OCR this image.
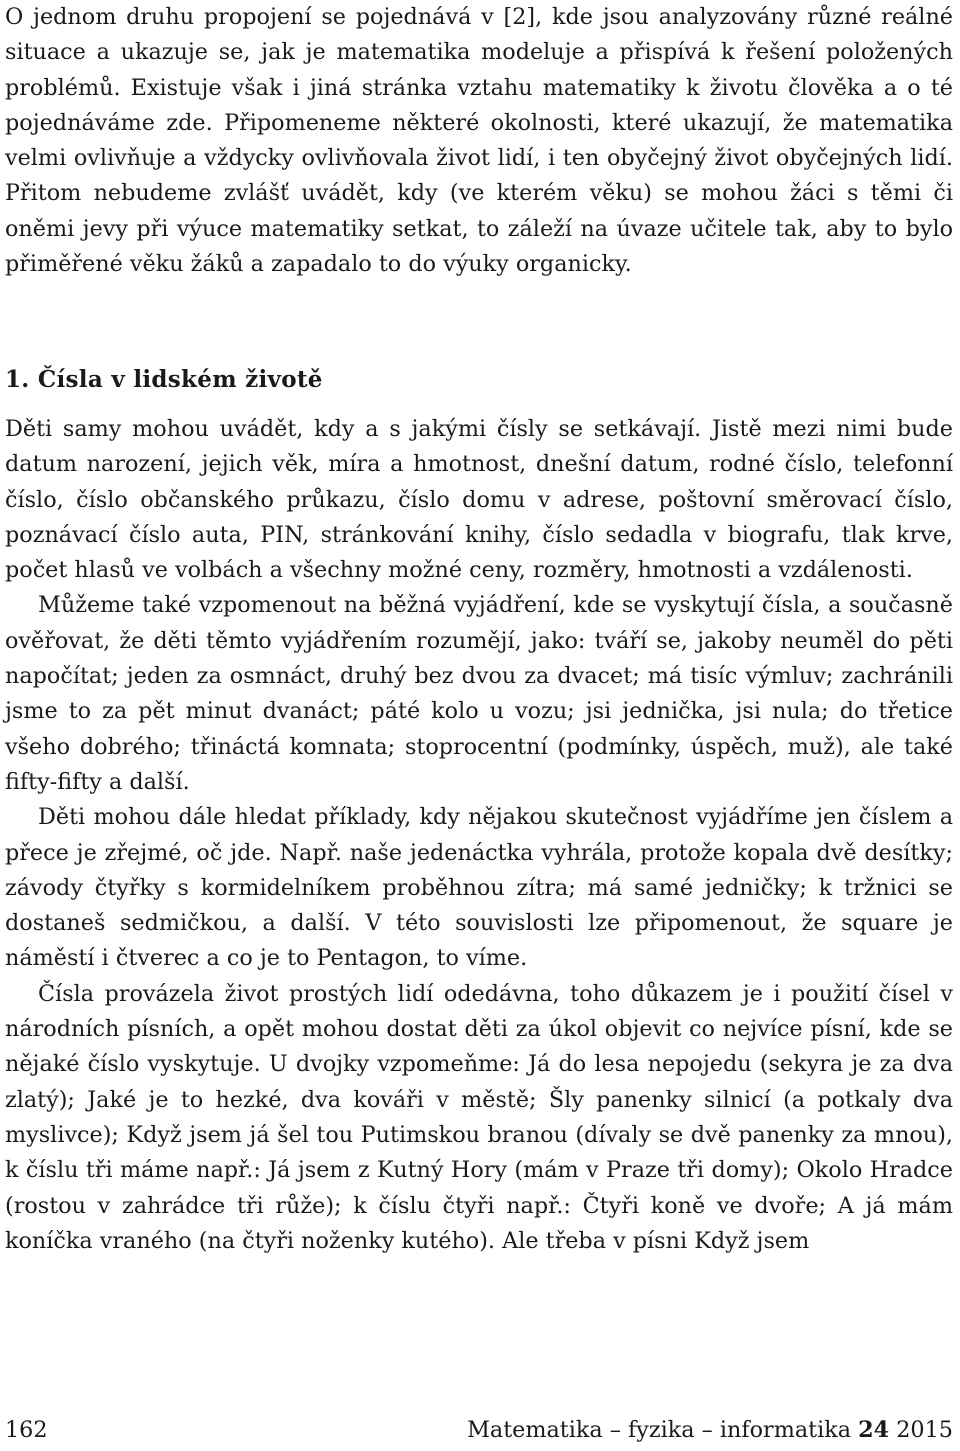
O jednom druhu propojení se pojednává v [2], kde jsou analyzovány různé reálné situace a ukazuje se, jak je matematika modeluje a přispívá k řešení položených problémů. Existuje však i jiná stránka vztahu matematiky k životu člověka a o té pojednáváme zde. Připomeneme některé okolnosti, které ukazují, že matematika velmi ovlivňuje a vždycky ovlivňovala život lidí, i ten obyčejný život obyčejných lidí. Přitom nebudeme zvlášť uvádět, kdy (ve kterém věku) se mohou žáci s těmi či oněmi jevy při výuce matematiky setkat, to záleží na úvaze učitele tak, aby to bylo přiměřené věku žáků a zapadalo to do výuky organicky.

1. Čísla v lidském životě

Děti samy mohou uvádět, kdy a s jakými čísly se setkávají. Jistě mezi nimi bude datum narození, jejich věk, míra a hmotnost, dnešní datum, rodné číslo, telefonní číslo, číslo občanského průkazu, číslo domu v adrese, poštovní směrovací číslo, poznávací číslo auta, PIN, stránkování knihy, číslo sedadla v biografu, tlak krve, počet hlasů ve volbách a všechny možné ceny, rozměry, hmotnosti a vzdálenosti.

Můžeme také vzpomenout na běžná vyjádření, kde se vyskytují čísla, a současně ověřovat, že děti těmto vyjádřením rozumějí, jako: tváří se, jakoby neuměl do pěti napočítat; jeden za osmnáct, druhý bez dvou za dvacet; má tisíc výmluv; zachránili jsme to za pět minut dvanáct; páté kolo u vozu; jsi jednička, jsi nula; do třetice všeho dobrého; třináctá komnata; stoprocentní (podmínky, úspěch, muž), ale také fifty-fifty a další.

Děti mohou dále hledat příklady, kdy nějakou skutečnost vyjádříme jen číslem a přece je zřejmé, oč jde. Např. naše jedenáctka vyhrála, protože kopala dvě desítky; závody čtyřky s kormidelníkem proběhnou zítra; má samé jedničky; k tržnici se dostaneš sedmičkou, a další. V této souvislosti lze připomenout, že square je náměstí i čtverec a co je to Pentagon, to víme.

Čísla provázela život prostých lidí odedávna, toho důkazem je i použití čísel v národních písních, a opět mohou dostat děti za úkol objevit co nejvíce písní, kde se nějaké číslo vyskytuje. U dvojky vzpomeňme: Já do lesa nepojedu (sekyra je za dva zlatý); Jaké je to hezké, dva kováři v městě; Šly panenky silnicí (a potkaly dva myslivce); Když jsem já šel tou Putimskou branou (dívaly se dvě panenky za mnou), k číslu tři máme např.: Já jsem z Kutný Hory (mám v Praze tři domy); Okolo Hradce (rostou v zahrádce tři růže); k číslu čtyři např.: Čtyři koně ve dvoře; A já mám koníčka vraného (na čtyři noženky kutého). Ale třeba v písni Když jsem

162	Matematika – fyzika – informatika 24 2015
